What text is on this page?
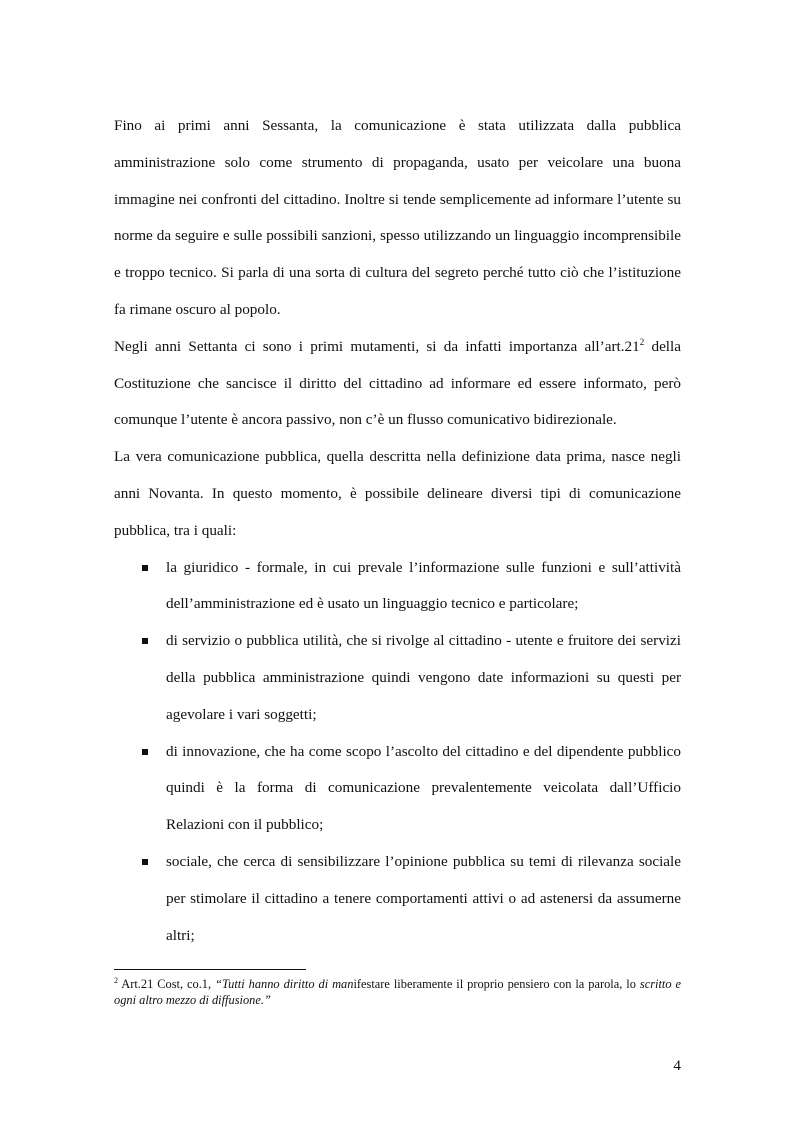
Fino ai primi anni Sessanta, la comunicazione è stata utilizzata dalla pubblica amministrazione solo come strumento di propaganda, usato per veicolare una buona immagine nei confronti del cittadino. Inoltre si tende semplicemente ad informare l’utente su norme da seguire e sulle possibili sanzioni, spesso utilizzando un linguaggio incomprensibile e troppo tecnico. Si parla di una sorta di cultura del segreto perché tutto ciò che l’istituzione fa rimane oscuro al popolo.

Negli anni Settanta ci sono i primi mutamenti, si da infatti importanza $all’art.21^2$ della Costituzione che sancisce il diritto del cittadino ad informare ed essere informato, però comunque l’utente è ancora passivo, non c’è un flusso comunicativo bidirezionale.

La vera comunicazione pubblica, quella descritta nella definizione data prima, nasce negli anni Novanta. In questo momento, è possibile delineare diversi tipi di comunicazione pubblica, tra i quali:

la giuridico - formale, in cui prevale l’informazione sulle funzioni e sull’attività dell’amministrazione ed è usato un linguaggio tecnico e particolare;
di servizio o pubblica utilità, che si rivolge al cittadino - utente e fruitore dei servizi della pubblica amministrazione quindi vengono date informazioni su questi per agevolare i vari soggetti;
di innovazione, che ha come scopo l’ascolto del cittadino e del dipendente pubblico quindi è la forma di comunicazione prevalentemente veicolata dall’Ufficio Relazioni con il pubblico;
sociale, che cerca di sensibilizzare l’opinione pubblica su temi di rilevanza sociale per stimolare il cittadino a tenere comportamenti attivi o ad astenersi da assumerne altri;
$^2$ Art.21 Cost, co.1, “Tutti hanno diritto di manifestare liberamente il proprio pensiero con la parola, lo scritto e ogni altro mezzo di diffusione.”
4
